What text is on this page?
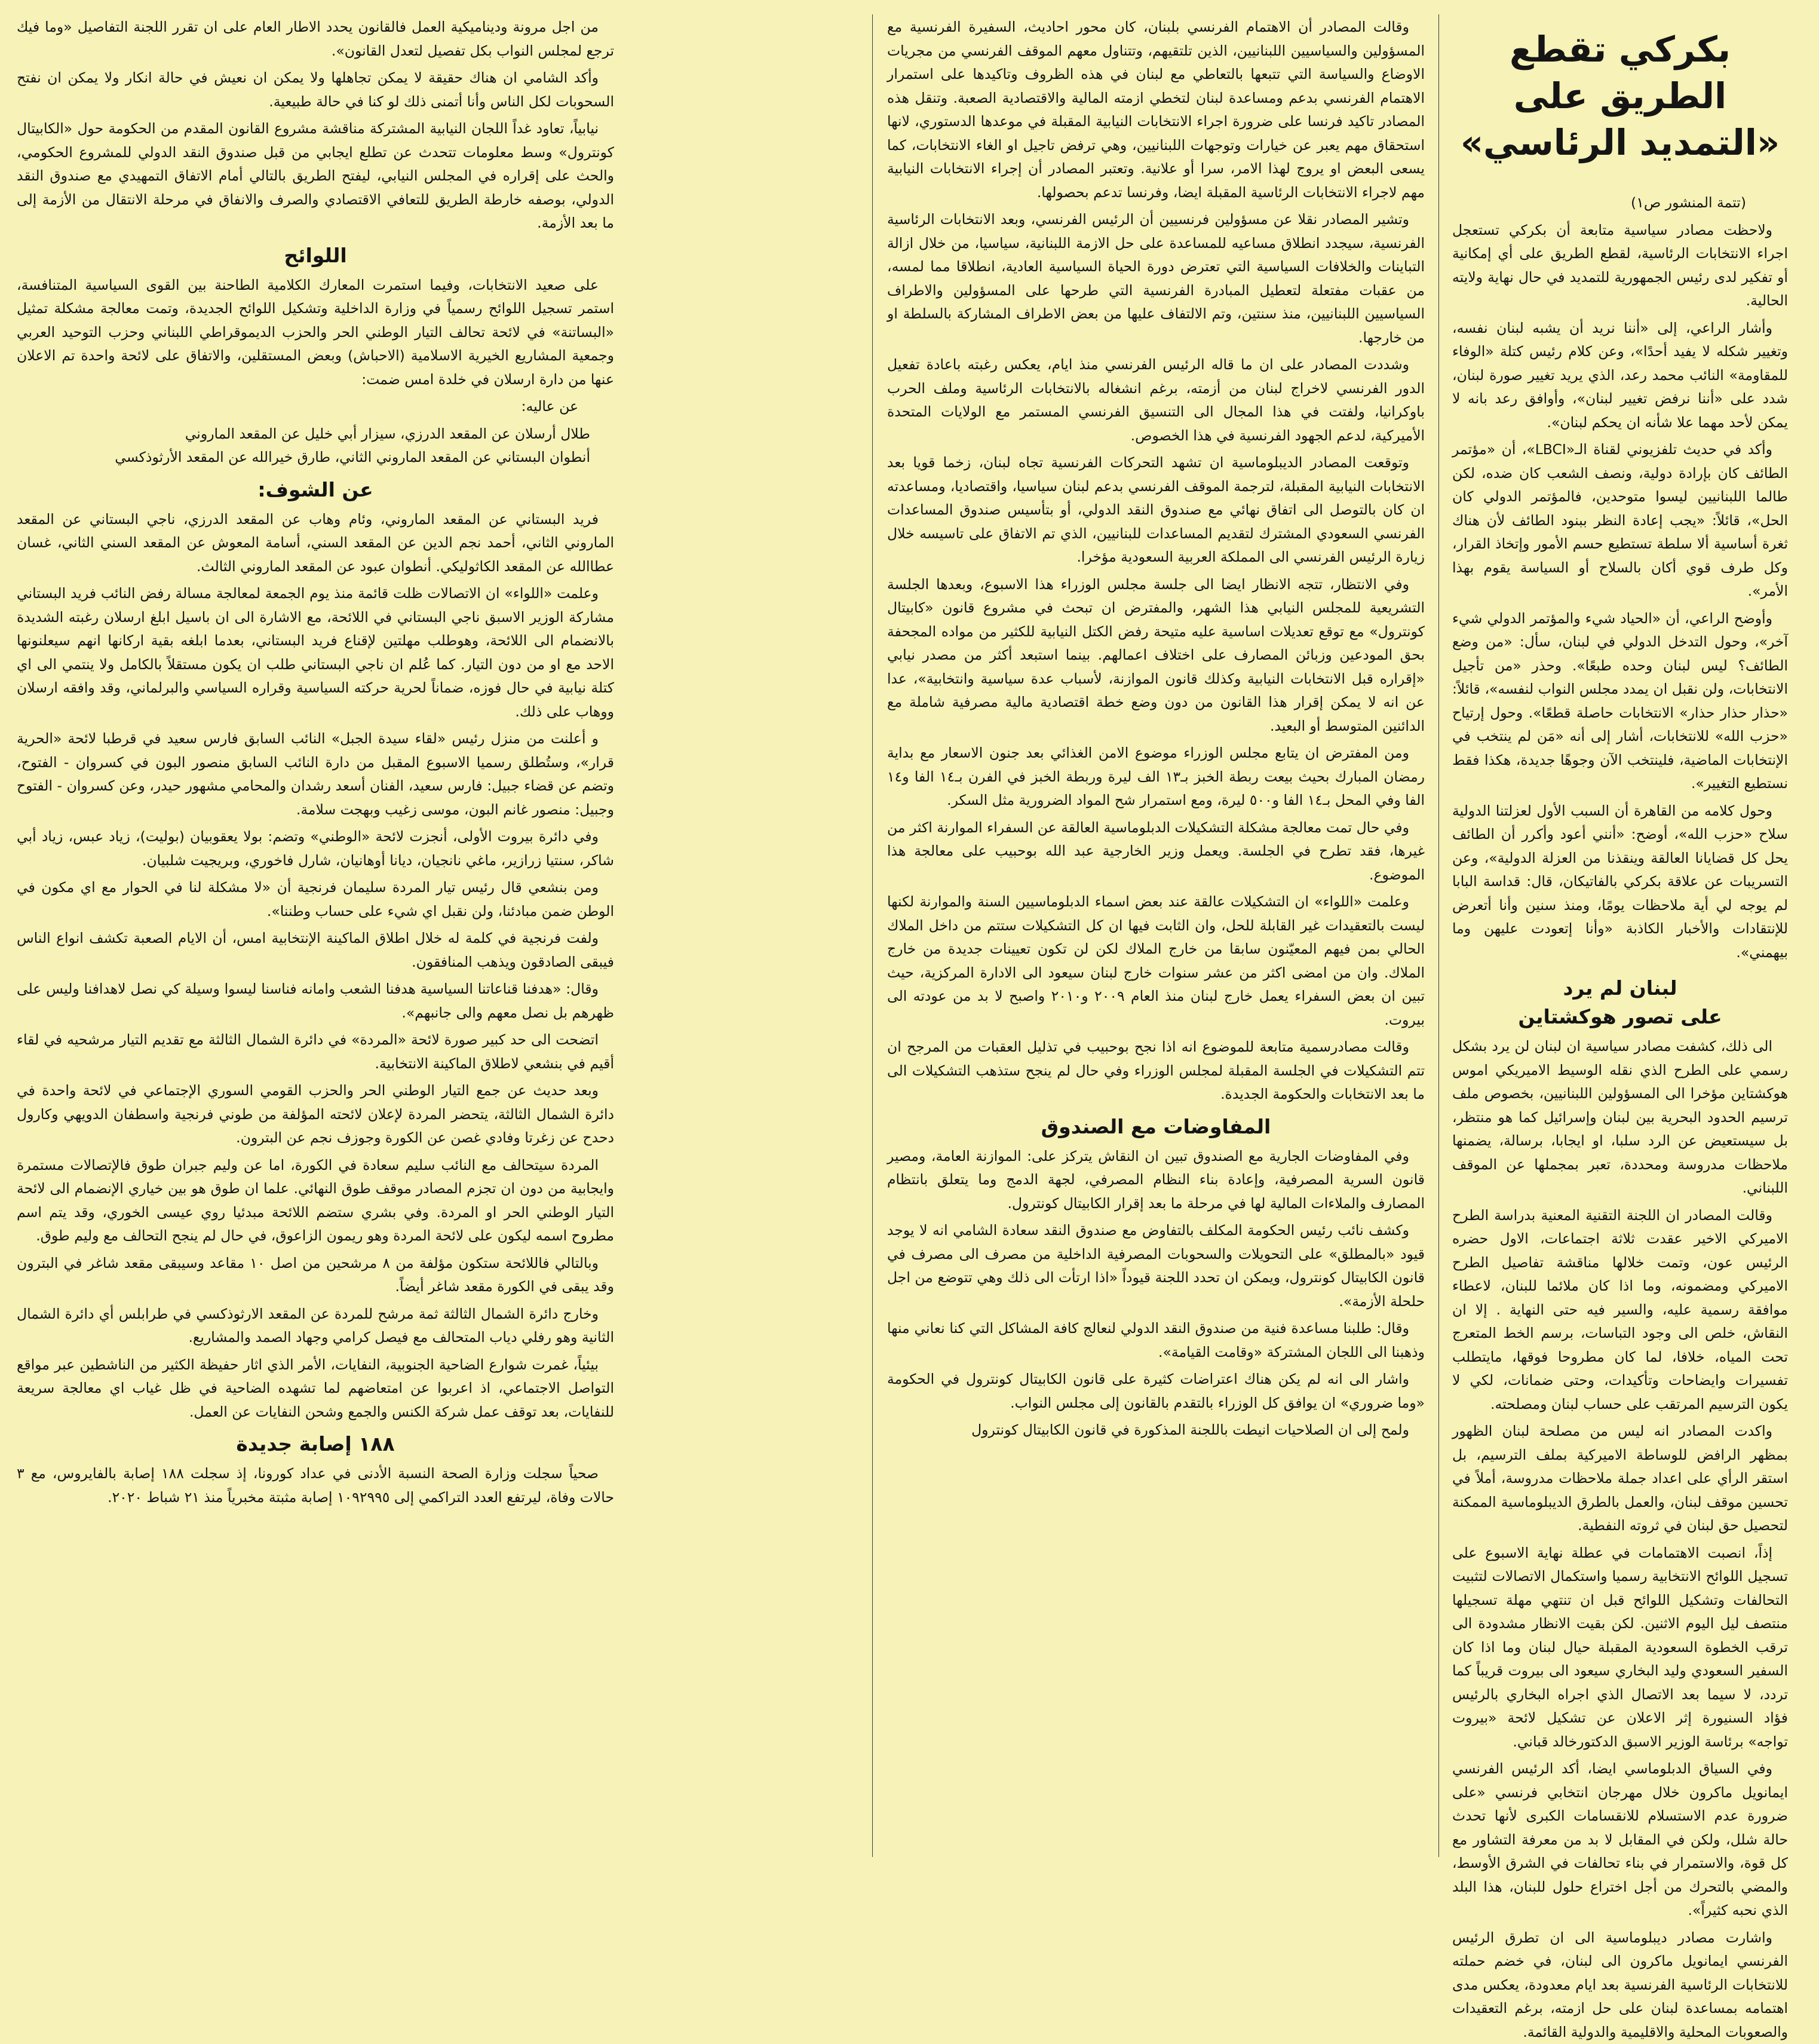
بكركي تقطع الطريق على «التمديد الرئاسي»

(تتمة المنشور ص١)

ولاحظت مصادر سياسية متابعة أن بكركي تستعجل اجراء الانتخابات الرئاسية، لقطع الطريق على أي إمكانية أو تفكير لدى رئيس الجمهورية للتمديد في حال نهاية ولايته الحالية.

وأشار الراعي، إلى «أننا نريد أن يشبه لبنان نفسه، وتغيير شكله لا يفيد أحدًا»، وعن كلام رئيس كتلة «الوفاء للمقاومة» النائب محمد رعد، الذي يريد تغيير صورة لبنان، شدد على «أننا نرفض تغيير لبنان»، وأوافق رعد بانه لا يمكن لأحد مهما علا شأنه ان يحكم لبنان».

وأكد في حديث تلفزيوني لقناة الـ«LBCI»، أن «مؤتمر الطائف كان بإرادة دولية، ونصف الشعب كان ضده، لكن طالما اللبنانيين ليسوا متوحدين، فالمؤتمر الدولي كان الحل»، قائلاً: «يجب إعادة النظر ببنود الطائف لأن هناك ثغرة أساسية ألا سلطة تستطيع حسم الأمور وإتخاذ القرار، وكل طرف قوي أكان بالسلاح أو السياسة يقوم بهذا الأمر».

وأوضح الراعي، أن «الحياد شيء والمؤتمر الدولي شيء آخر»، وحول التدخل الدولي في لبنان، سأل: «من وضع الطائف؟ ليس لبنان وحده طبعًا». وحذر «من تأجيل الانتخابات، ولن نقبل ان يمدد مجلس النواب لنفسه»، قائلاً: «حذار حذار حذار» الانتخابات حاصلة قطعًا». وحول إرتياح «حزب الله» للانتخابات، أشار إلى أنه «مَن لم ينتخب في الإنتخابات الماضية، فلينتخب الآن وجوهًا جديدة، هكذا فقط نستطيع التغيير».

وحول كلامه من القاهرة أن السبب الأول لعزلتنا الدولية سلاح «حزب الله»، أوضح: «أنني أعود وأكرر أن الطائف يحل كل قضايانا العالقة وينقذنا من العزلة الدولية»، وعن التسريبات عن علاقة بكركي بالفاتيكان، قال: قداسة البابا لم يوجه لي أية ملاحظات يومًا، ومنذ سنين وأنا أتعرض للإنتقادات والأخبار الكاذبة «وأنا إتعودت عليهن وما بيهمني».

لبنان لم يرد
على تصور هوكشتاين

الى ذلك، كشفت مصادر سياسية ان لبنان لن يرد بشكل رسمي على الطرح الذي نقله الوسيط الاميريكي اموس هوكشتاين مؤخرا الى المسؤولين اللبنانيين، بخصوص ملف ترسيم الحدود البحرية بين لبنان وإسرائيل كما هو منتظر، بل سيستعيض عن الرد سلبا، او ايجابا، برسالة، يضمنها ملاحظات مدروسة ومحددة، تعبر بمجملها عن الموقف اللبناني.

وقالت المصادر ان اللجنة التقنية المعنية بدراسة الطرح الاميركي الاخير عقدت ثلاثة اجتماعات، الاول حضره الرئيس عون، وتمت خلالها مناقشة تفاصيل الطرح الاميركي ومضمونه، وما اذا كان ملائما للبنان، لاعطاء موافقة رسمية عليه، والسير فيه حتى النهاية . إلا ان النقاش، خلص الى وجود التباسات، برسم الخط المتعرج تحت المياه، خلافا، لما كان مطروحا فوقها، مايتطلب تفسيرات وايضاحات وتأكيدات، وحتى ضمانات، لكي لا يكون الترسيم المرتقب على حساب لبنان ومصلحته.

واكدت المصادر انه ليس من مصلحة لبنان الظهور بمظهر الرافض للوساطة الاميركية بملف الترسيم، بل استقر الرأي على اعداد جملة ملاحظات مدروسة، أملاً في تحسين موقف لبنان، والعمل بالطرق الديبلوماسية الممكنة لتحصيل حق لبنان في ثروته النفطية.

إذاً، انصبت الاهتمامات في عطلة نهاية الاسبوع على تسجيل اللوائح الانتخابية رسميا واستكمال الاتصالات لتثبيت التحالفات وتشكيل اللوائح قبل ان تنتهي مهلة تسجيلها منتصف ليل اليوم الاثنين. لكن بقيت الانظار مشدودة الى ترقب الخطوة السعودية المقبلة حيال لبنان وما اذا كان السفير السعودي وليد البخاري سيعود الى بيروت قريباً كما تردد، لا سيما بعد الاتصال الذي اجراه البخاري بالرئيس فؤاد السنيورة إثر الاعلان عن تشكيل لائحة «بيروت تواجه» برئاسة الوزير الاسبق الدكتورخالد قباني.

وفي السياق الدبلوماسي ايضا، أكد الرئيس الفرنسي ايمانويل ماكرون خلال مهرجان انتخابي فرنسي «على ضرورة عدم الاستسلام للانقسامات الكبرى لأنها تحدث حالة شلل، ولكن في المقابل لا بد من معرفة التشاور مع كل قوة، والاستمرار في بناء تحالفات في الشرق الأوسط، والمضي بالتحرك من أجل اختراع حلول للبنان، هذا البلد الذي نحبه كثيراً».

واشارت مصادر ديبلوماسية الى ان تطرق الرئيس الفرنسي ايمانويل ماكرون الى لبنان، في خضم حملته للانتخابات الرئاسية الفرنسية بعد ايام معدودة، يعكس مدى اهتمامه بمساعدة لبنان على حل ازمته، برغم التعقيدات والصعوبات المحلية والاقليمية والدولية القائمة.

وقالت المصادر أن الاهتمام الفرنسي بلبنان، كان محور احاديث، السفيرة الفرنسية مع المسؤولين والسياسيين اللبنانيين، الذين تلتقيهم، وتتناول معهم الموقف الفرنسي من مجريات الاوضاع والسياسة التي تتبعها بالتعاطي مع لبنان في هذه الظروف وتاكيدها على استمرار الاهتمام الفرنسي بدعم ومساعدة لبنان لتخطي ازمته المالية والاقتصادية الصعبة. وتنقل هذه المصادر تاكيد فرنسا على ضرورة اجراء الانتخابات النيابية المقبلة في موعدها الدستوري، لانها استحقاق مهم يعبر عن خيارات وتوجهات اللبنانيين، وهي ترفض تاجيل او الغاء الانتخابات، كما يسعى البعض او يروج لهذا الامر، سرا أو علانية. وتعتبر المصادر أن إجراء الانتخابات النيابية مهم لاجراء الانتخابات الرئاسية المقبلة ايضا، وفرنسا تدعم بحصولها.

وتشير المصادر نقلا عن مسؤولين فرنسيين أن الرئيس الفرنسي، وبعد الانتخابات الرئاسية الفرنسية، سيجدد انطلاق مساعيه للمساعدة على حل الازمة اللبنانية، سياسيا، من خلال ازالة التباينات والخلافات السياسية التي تعترض دورة الحياة السياسية العادية، انطلاقا مما لمسه، من عقبات مفتعلة لتعطيل المبادرة الفرنسية التي طرحها على المسؤولين والاطراف السياسيين اللبنانيين، منذ سنتين، وتم الالتفاف عليها من بعض الاطراف المشاركة بالسلطة او من خارجها.

وشددت المصادر على ان ما قاله الرئيس الفرنسي منذ ايام، يعكس رغبته باعادة تفعيل الدور الفرنسي لاخراج لبنان من أزمته، برغم انشغاله بالانتخابات الرئاسية وملف الحرب باوكرانيا، ولفتت في هذا المجال الى التنسيق الفرنسي المستمر مع الولايات المتحدة الأميركية، لدعم الجهود الفرنسية في هذا الخصوص.

وتوقعت المصادر الديبلوماسية ان تشهد التحركات الفرنسية تجاه لبنان، زخما قويا بعد الانتخابات النيابية المقبلة، لترجمة الموقف الفرنسي بدعم لبنان سياسيا، واقتصاديا، ومساعدته ان كان بالتوصل الى اتفاق نهائي مع صندوق النقد الدولي، أو بتأسيس صندوق المساعدات الفرنسي السعودي المشترك لتقديم المساعدات للبنانيين، الذي تم الاتفاق على تاسيسه خلال زيارة الرئيس الفرنسي الى المملكة العربية السعودية مؤخرا.

وفي الانتظار، تتجه الانظار ايضا الى جلسة مجلس الوزراء هذا الاسبوع، وبعدها الجلسة التشريعية للمجلس النيابي هذا الشهر، والمفترض ان تبحث في مشروع قانون «كابيتال كونترول» مع توقع تعديلات اساسية عليه متيحة رفض الكتل النيابية للكثير من مواده المجحفة بحق المودعين وزبائن المصارف على اختلاف اعمالهم. بينما استبعد أكثر من مصدر نيابي «إقراره قبل الانتخابات النيابية وكذلك قانون الموازنة، لأسباب عدة سياسية وانتخابية»، عدا عن انه لا يمكن إقرار هذا القانون من دون وضع خطة اقتصادية مالية مصرفية شاملة مع الدائنين المتوسط أو البعيد.

ومن المفترض ان يتابع مجلس الوزراء موضوع الامن الغذائي بعد جنون الاسعار مع بداية رمضان المبارك بحيث بيعت ربطة الخبز بـ١٣ الف ليرة وربطة الخبز في الفرن بـ١٤ الفا و١٤ الفا وفي المحل بـ١٤ الفا و٥٠٠ ليرة، ومع استمرار شح المواد الضرورية مثل السكر.

وفي حال تمت معالجة مشكلة التشكيلات الدبلوماسية العالقة عن السفراء الموارنة اكثر من غيرها، فقد تطرح في الجلسة. ويعمل وزير الخارجية عبد الله بوحبيب على معالجة هذا الموضوع.

وعلمت «اللواء» ان التشكيلات عالقة عند بعض اسماء الدبلوماسيين السنة والموارنة لكنها ليست بالتعقيدات غير القابلة للحل، وان الثابت فيها ان كل التشكيلات ستتم من داخل الملاك الحالي بمن فيهم المعيّنون سابقا من خارج الملاك لكن لن تكون تعيينات جديدة من خارج الملاك. وان من امضى اكثر من عشر سنوات خارج لبنان سيعود الى الادارة المركزية، حيث تبين ان بعض السفراء يعمل خارج لبنان منذ العام ٢٠٠٩ و٢٠١٠ واصبح لا بد من عودته الى بيروت.

وقالت مصادرسمية متابعة للموضوع انه اذا نجح بوحبيب في تذليل العقبات من المرجح ان تتم التشكيلات في الجلسة المقبلة لمجلس الوزراء وفي حال لم ينجح ستذهب التشكيلات الى ما بعد الانتخابات والحكومة الجديدة.

المفاوضات مع الصندوق

وفي المفاوضات الجارية مع الصندوق تبين ان النقاش يتركز على: الموازنة العامة، ومصير قانون السرية المصرفية، وإعادة بناء النظام المصرفي، لجهة الدمج وما يتعلق بانتظام المصارف والملاءات المالية لها في مرحلة ما بعد إقرار الكابيتال كونترول.

وكشف نائب رئيس الحكومة المكلف بالتفاوض مع صندوق النقد سعادة الشامي انه لا يوجد قيود «بالمطلق» على التحويلات والسحوبات المصرفية الداخلية من مصرف الى مصرف في قانون الكابيتال كونترول، ويمكن ان تحدد اللجنة قيوداً «اذا ارتأت الى ذلك وهي تتوضع من اجل حلحلة الأزمة».

وقال: طلبنا مساعدة فنية من صندوق النقد الدولي لنعالج كافة المشاكل التي كنا نعاني منها وذهبنا الى اللجان المشتركة «وقامت القيامة».

واشار الى انه لم يكن هناك اعتراضات كثيرة على قانون الكابيتال كونترول في الحكومة «وما ضروري» ان يوافق كل الوزراء بالتقدم بالقانون إلى مجلس النواب.

ولمح إلى ان الصلاحيات انيطت باللجنة المذكورة في قانون الكابيتال كونترول

من اجل مرونة وديناميكية العمل فالقانون يحدد الاطار العام على ان تقرر اللجنة التفاصيل «وما فيك ترجع لمجلس النواب بكل تفصيل لتعدل القانون».

وأكد الشامي ان هناك حقيقة لا يمكن تجاهلها ولا يمكن ان نعيش في حالة انكار ولا يمكن ان نفتح السحوبات لكل الناس وأنا أتمنى ذلك لو كنا في حالة طبيعية.

نيابياً، تعاود غداً اللجان النيابية المشتركة مناقشة مشروع القانون المقدم من الحكومة حول «الكابيتال كونترول» وسط معلومات تتحدث عن تطلع ايجابي من قبل صندوق النقد الدولي للمشروع الحكومي، والحث على إقراره في المجلس النيابي، ليفتح الطريق بالتالي أمام الاتفاق التمهيدي مع صندوق النقد الدولي، بوصفه خارطة الطريق للتعافي الاقتصادي والصرف والانفاق في مرحلة الانتقال من الأزمة إلى ما بعد الأزمة.

اللوائح

على صعيد الانتخابات، وفيما استمرت المعارك الكلامية الطاحنة بين القوى السياسية المتنافسة، استمر تسجيل اللوائح رسمياً في وزارة الداخلية وتشكيل اللوائح الجديدة، وتمت معالجة مشكلة تمثيل «البساتنة» في لائحة تحالف التيار الوطني الحر والحزب الديموقراطي اللبناني وحزب التوحيد العربي وجمعية المشاريع الخيرية الاسلامية (الاحباش) وبعض المستقلين، والاتفاق على لائحة واحدة تم الاعلان عنها من دارة ارسلان في خلدة امس ضمت:

عن عاليه:

طلال أرسلان عن المقعد الدرزي، سيزار أبي خليل عن المقعد الماروني

أنطوان البستاني عن المقعد الماروني الثاني، طارق خيرالله عن المقعد الأرثوذكسي

عن الشوف:

فريد البستاني عن المقعد الماروني، وئام وهاب عن المقعد الدرزي، ناجي البستاني عن المقعد الماروني الثاني، أحمد نجم الدين عن المقعد السني، أسامة المعوش عن المقعد السني الثاني، غسان عطاالله عن المقعد الكاثوليكي. أنطوان عبود عن المقعد الماروني الثالث.

وعلمت «اللواء» ان الاتصالات ظلت قائمة منذ يوم الجمعة لمعالجة مسالة رفض النائب فريد البستاني مشاركة الوزير الاسبق ناجي البستاني في اللائحة، مع الاشارة الى ان باسيل ابلغ ارسلان رغبته الشديدة بالانضمام الى اللائحة، وهوطلب مهلتين لإقناع فريد البستاني، بعدما ابلغه بقية اركانها انهم سيعلنونها الاحد مع او من دون التيار. كما عُلم ان ناجي البستاني طلب ان يكون مستقلاً بالكامل ولا ينتمي الى اي كتلة نيابية في حال فوزه، ضماناً لحرية حركته السياسية وقراره السياسي والبرلماني، وقد وافقه ارسلان ووهاب على ذلك.

و أعلنت من منزل رئيس «لقاء سيدة الجبل» النائب السابق فارس سعيد في قرطبا لائحة «الحرية قرار»، وستُطلق رسميا الاسبوع المقبل من دارة النائب السابق منصور البون في كسروان - الفتوح، وتضم عن قضاء جبيل: فارس سعيد، الفنان أسعد رشدان والمحامي مشهور حيدر، وعن كسروان - الفتوح وجبيل: منصور غانم البون، موسى زغيب وبهجت سلامة.

وفي دائرة بيروت الأولى، أنجزت لائحة «الوطني» وتضم: بولا يعقوبيان (بوليت)، زياد عبس، زياد أبي شاكر، سنتيا زرازير، ماغي نانجيان، ديانا أوهانيان، شارل فاخوري، وبريجيت شلبيان.

ومن بنشعي قال رئيس تيار المردة سليمان فرنجية أن «لا مشكلة لنا في الحوار مع اي مكون في الوطن ضمن مبادئنا، ولن نقبل اي شيء على حساب وطننا».

ولفت فرنجية في كلمة له خلال اطلاق الماكينة الإنتخابية امس، أن الايام الصعبة تكشف انواع الناس فيبقى الصادقون ويذهب المنافقون.

وقال: «هدفنا قناعاتنا السياسية هدفنا الشعب وامانه فناسنا ليسوا وسيلة كي نصل لاهدافنا وليس على ظهرهم بل نصل معهم والى جانبهم».

اتضحت الى حد كبير صورة لائحة «المردة» في دائرة الشمال الثالثة مع تقديم التيار مرشحيه في لقاء أقيم في بنشعي لاطلاق الماكينة الانتخابية.

وبعد حديث عن جمع التيار الوطني الحر والحزب القومي السوري الإجتماعي في لائحة واحدة في دائرة الشمال الثالثة، يتحضر المردة لإعلان لائحته المؤلفة من طوني فرنجية واسطفان الدويهي وكارول دحدح عن زغرتا وفادي غصن عن الكورة وجوزف نجم عن البترون.

المردة سيتحالف مع النائب سليم سعادة في الكورة، اما عن وليم جبران طوق فالإتصالات مستمرة وايجابية من دون ان تجزم المصادر موقف طوق النهائي. علما ان طوق هو بين خياري الإنضمام الى لائحة التيار الوطني الحر او المردة. وفي بشري ستضم اللائحة مبدئيا روي عيسى الخوري، وقد يتم اسم مطروح اسمه ليكون على لائحة المردة وهو ريمون الزاعوق، في حال لم ينجح التحالف مع وليم طوق.

وبالتالي فاللائحة ستكون مؤلفة من ٨ مرشحين من اصل ١٠ مقاعد وسيبقى مقعد شاغر في البترون وقد يبقى في الكورة مقعد شاغر أيضاً.

وخارج دائرة الشمال الثالثة ثمة مرشح للمردة عن المقعد الارثوذكسي في طرابلس أي دائرة الشمال الثانية وهو رفلي دياب المتحالف مع فيصل كرامي وجهاد الصمد والمشاريع.

بيئياً، غمرت شوارع الضاحية الجنوبية، النفايات، الأمر الذي اثار حفيظة الكثير من الناشطين عبر مواقع التواصل الاجتماعي، اذ اعربوا عن امتعاضهم لما تشهده الضاحية في ظل غياب اي معالجة سريعة للنفايات، بعد توقف عمل شركة الكنس والجمع وشحن النفايات عن العمل.

١٨٨ إصابة جديدة

صحياً سجلت وزارة الصحة النسبة الأدنى في عداد كورونا، إذ سجلت ١٨٨ إصابة بالفايروس، مع ٣ حالات وفاة، ليرتفع العدد التراكمي إلى ١٠٩٢٩٩٥ إصابة مثبتة مخبرياً منذ ٢١ شباط ٢٠٢٠.
